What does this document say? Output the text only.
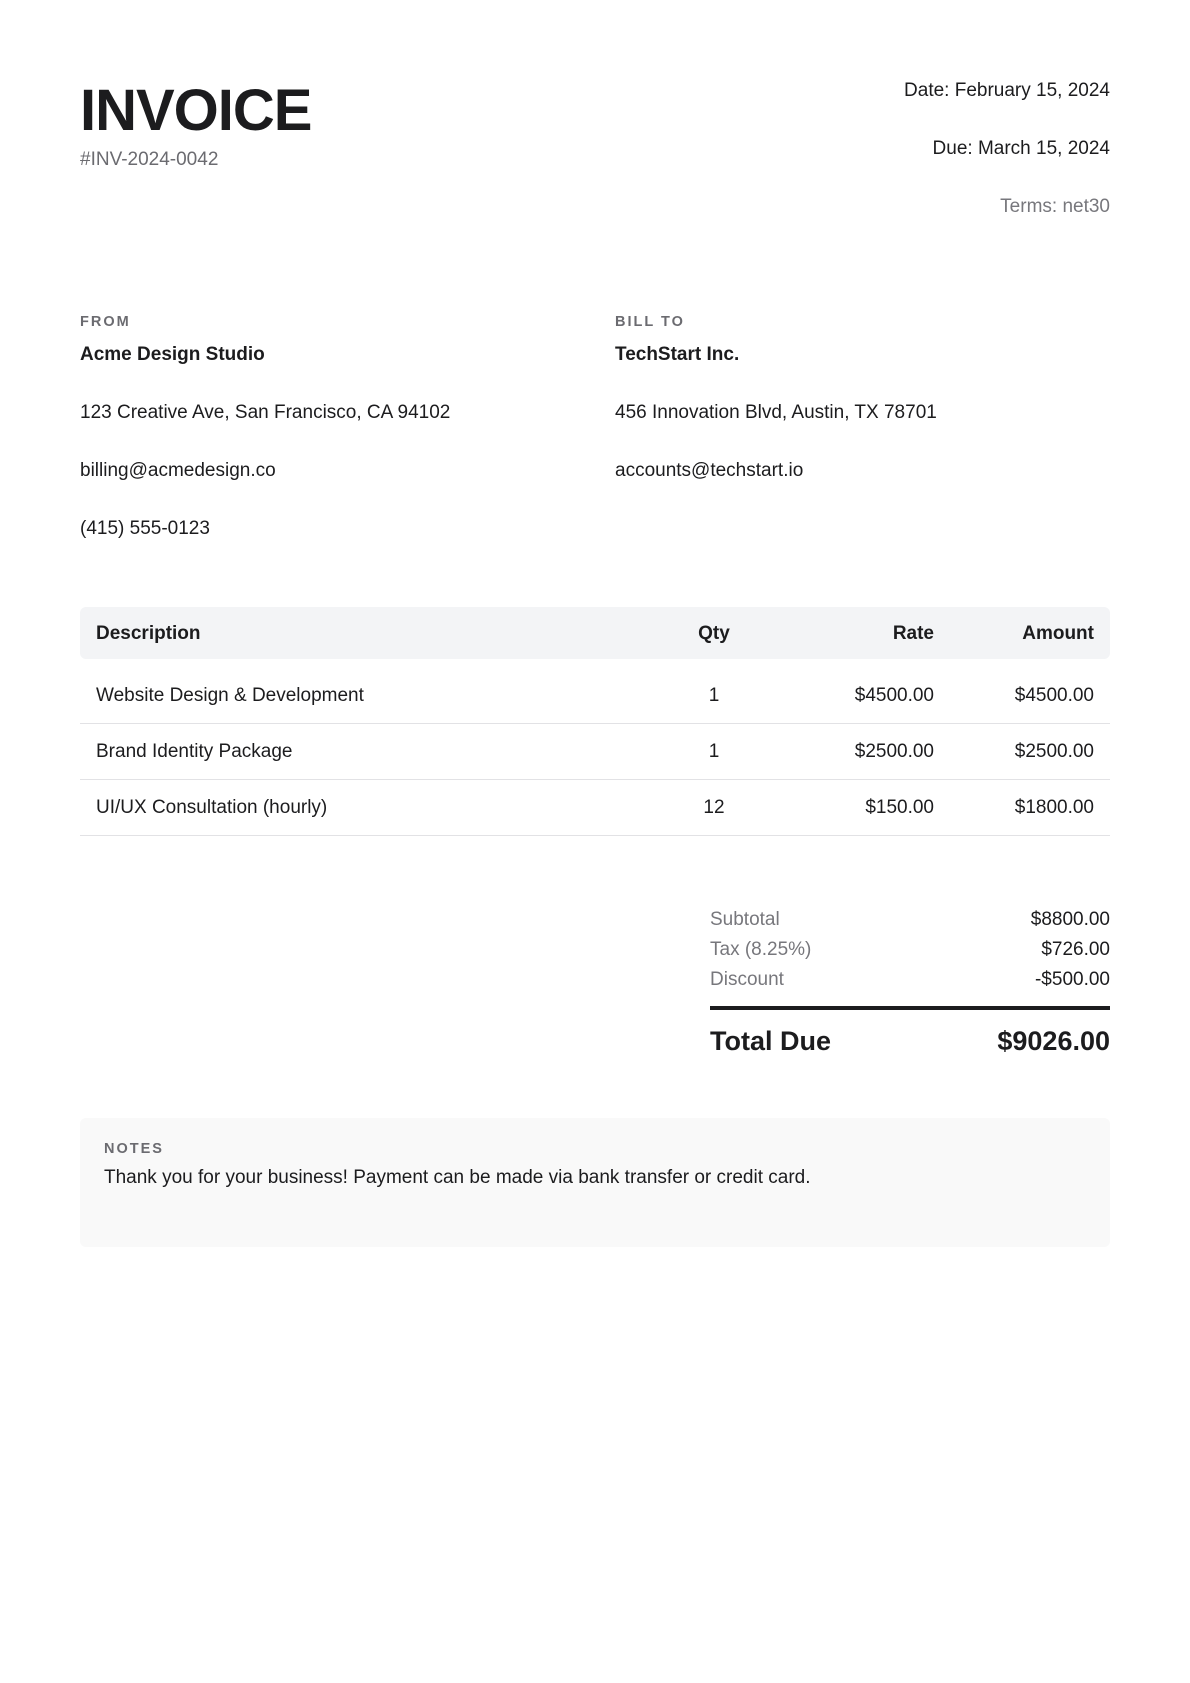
INVOICE
#INV-2024-0042
Date: February 15, 2024
Due: March 15, 2024
Terms: net30
FROM
Acme Design Studio
123 Creative Ave, San Francisco, CA 94102
billing@acmedesign.co
(415) 555-0123
BILL TO
TechStart Inc.
456 Innovation Blvd, Austin, TX 78701
accounts@techstart.io
Description	Qty	Rate	Amount
Website Design & Development	1	$4500.00	$4500.00
Brand Identity Package	1	$2500.00	$2500.00
UI/UX Consultation (hourly)	12	$150.00	$1800.00
Subtotal	$8800.00
Tax (8.25%)	$726.00
Discount	-$500.00
Total Due	$9026.00
NOTES
Thank you for your business! Payment can be made via bank transfer or credit card.
